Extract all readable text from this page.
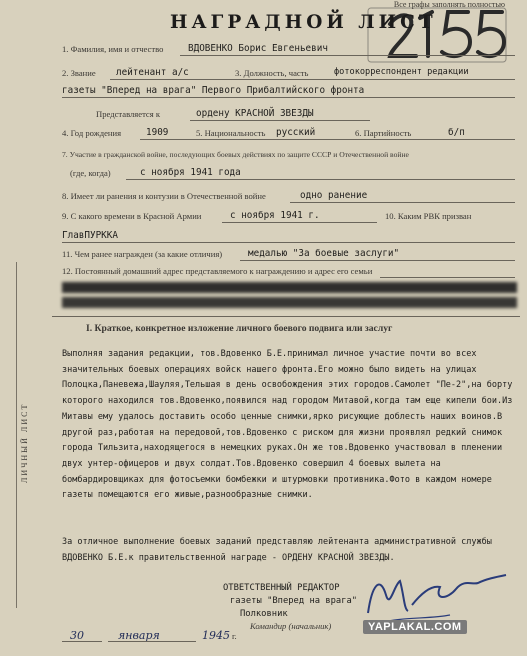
Все графы заполнять полностью
НАГРАДНОЙ ЛИСТ
ЛИЧНЫЙ ЛИСТ
1. Фамилия, имя и отчество	ВДОВЕНКО Борис Евгеньевич
2. Звание лейтенант а/с	3. Должность, часть	фотокорреспондент редакции
газеты "Вперед на врага" Первого Прибалтийского фронта
Представляется к	ордену КРАСНОЙ ЗВЕЗДЫ
4. Год рождения	1909	5. Национальность русский	6. Партийность	б/п
7. Участие в гражданской войне, последующих боевых действиях по защите СССР и Отечественной войне
(где, когда)	с ноября 1941 года
8. Имеет ли ранения и контузии в Отечественной войне	одно ранение
9. С какого времени в Красной Армии	с ноября 1941 г.	10. Каким РВК призван
ГлавПУРККА
11. Чем ранее награжден (за какие отличия)	медалью "За боевые заслуги"
12. Постоянный домашний адрес представляемого к награждению и адрес его семьи
I. Краткое, конкретное изложение личного боевого подвига или заслуг
Выполняя задания редакции, тов.Вдовенко Б.Е.принимал личное участие почти во всех значительных боевых операциях войск нашего фронта.Его можно было видеть на улицах Полоцка,Паневежа,Шауляя,Тельшая в день освобождения этих городов.Самолет "Пе-2",на борту которого находился тов.Вдовенко,появился над городом Митавой,когда там еще кипели бои.Из Митавы ему удалось доставить особо ценные снимки,ярко рисующие доблесть наших воинов.В другой раз,работая на передовой,тов.Вдовенко с риском для жизни проявлял редкий снимок города Тильзита,находящегося в немецких руках.Он же тов.Вдовенко участвовал в пленении двух унтер-офицеров и двух солдат.Тов.Вдовенко совершил 4 боевых вылета на бомбардировщиках для фотосъемки бомбежки и штурмовки противника.Фото в каждом номере газеты помещаются его живые,разнообразные снимки.
За отличное выполнение боевых заданий представляю лейтенанта административной службы ВДОВЕНКО Б.Е.к правительственной награде - ОРДЕНУ КРАСНОЙ ЗВЕЗДЫ.
ОТВЕТСТВЕННЫЙ РЕДАКТОР
газеты "Вперед на врага"
Полковник
Командир (начальник)
30	января	1945 г.
YAPLAKAL.COM
